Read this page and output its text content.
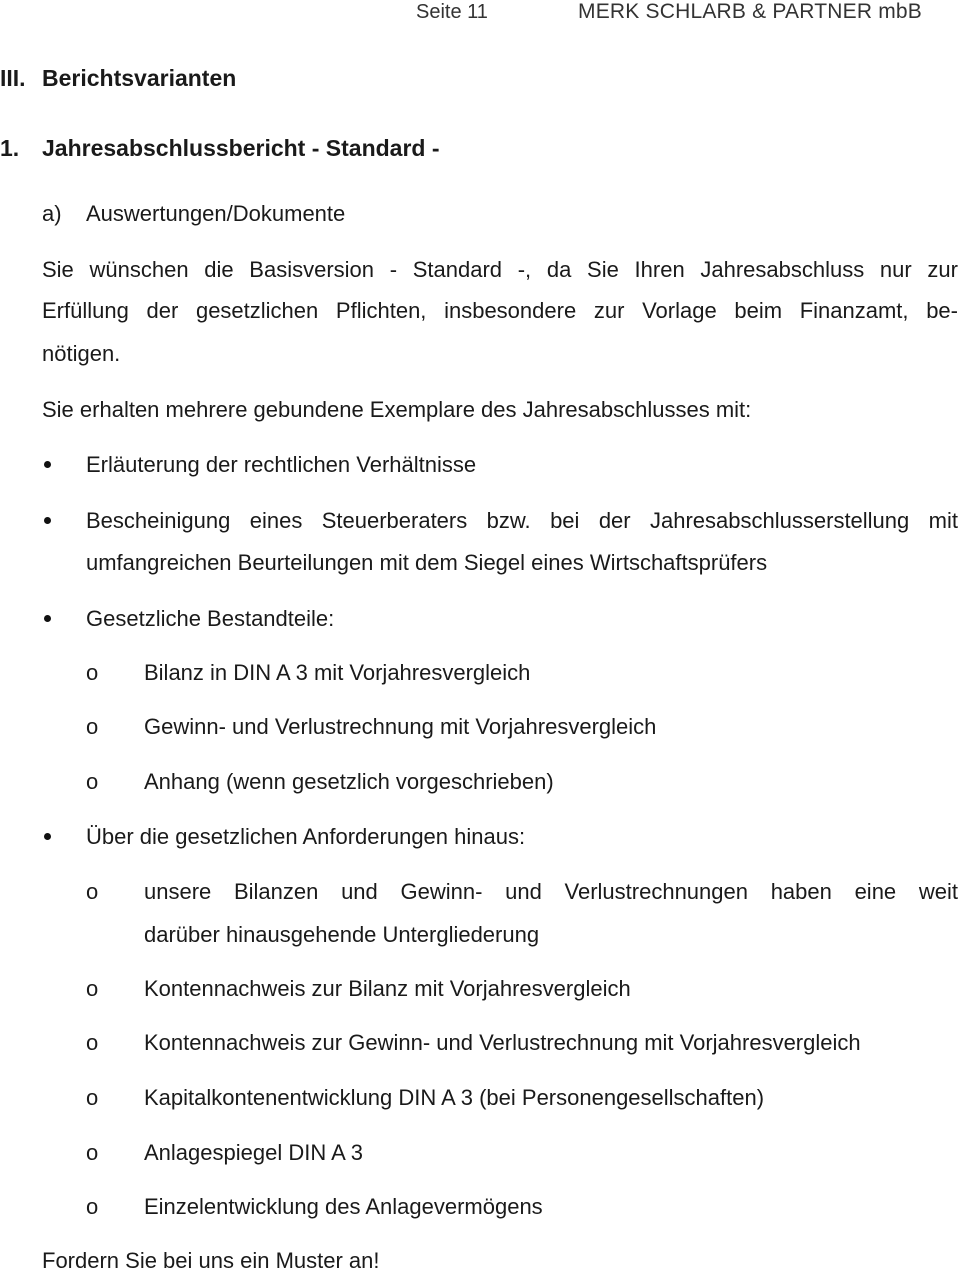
Seite 11	MERK SCHLARB & PARTNER mbB
III. Berichtsvarianten
1. Jahresabschlussbericht - Standard -
a) Auswertungen/Dokumente
Sie wünschen die Basisversion - Standard -, da Sie Ihren Jahresabschluss nur zur
Erfüllung der gesetzlichen Pflichten, insbesondere zur Vorlage beim Finanzamt, be-
nötigen.
Sie erhalten mehrere gebundene Exemplare des Jahresabschlusses mit:
Erläuterung der rechtlichen Verhältnisse
Bescheinigung eines Steuerberaters bzw. bei der Jahresabschlusserstellung mit
umfangreichen Beurteilungen mit dem Siegel eines Wirtschaftsprüfers
Gesetzliche Bestandteile:
o Bilanz in DIN A 3 mit Vorjahresvergleich
o Gewinn- und Verlustrechnung mit Vorjahresvergleich
o Anhang (wenn gesetzlich vorgeschrieben)
Über die gesetzlichen Anforderungen hinaus:
o unsere Bilanzen und Gewinn- und Verlustrechnungen haben eine weit
darüber hinausgehende Untergliederung
o Kontennachweis zur Bilanz mit Vorjahresvergleich
o Kontennachweis zur Gewinn- und Verlustrechnung mit Vorjahresvergleich
o Kapitalkontenentwicklung DIN A 3 (bei Personengesellschaften)
o Anlagespiegel DIN A 3
o Einzelentwicklung des Anlagevermögens
Fordern Sie bei uns ein Muster an!
